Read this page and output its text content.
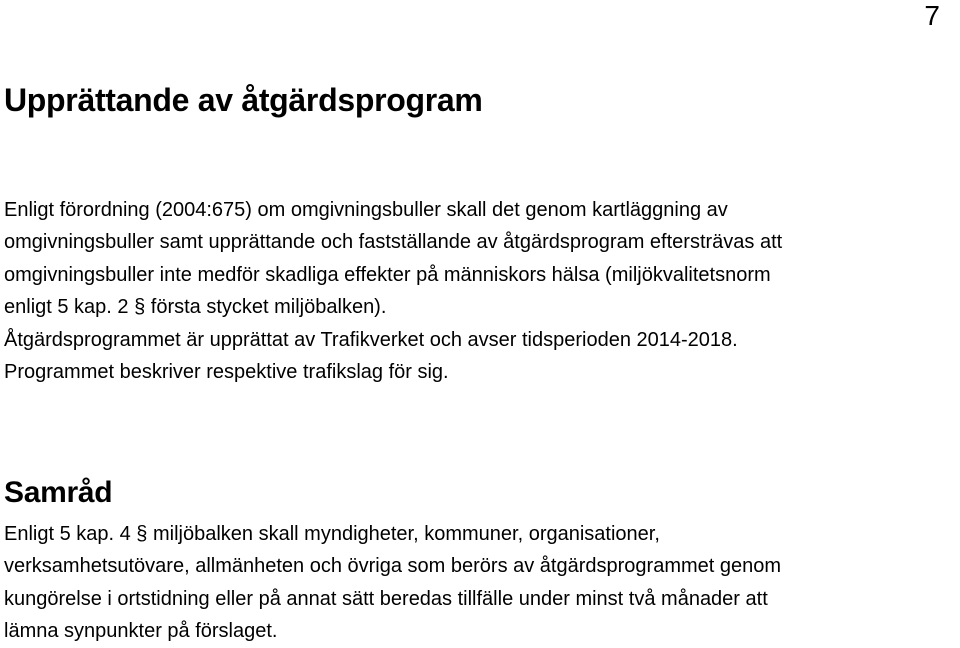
7
Upprättande av åtgärdsprogram
Enligt förordning (2004:675) om omgivningsbuller skall det genom kartläggning av
omgivningsbuller samt upprättande och fastställande av åtgärdsprogram eftersträvas att
omgivningsbuller inte medför skadliga effekter på människors hälsa (miljökvalitetsnorm
enligt 5 kap. 2 § första stycket miljöbalken).
Åtgärdsprogrammet är upprättat av Trafikverket och avser tidsperioden 2014-2018.
Programmet beskriver respektive trafikslag för sig.
Samråd
Enligt 5 kap. 4 § miljöbalken skall myndigheter, kommuner, organisationer,
verksamhetsutövare, allmänheten och övriga som berörs av åtgärdsprogrammet genom
kungörelse i ortstidning eller på annat sätt beredas tillfälle under minst två månader att
lämna synpunkter på förslaget.
